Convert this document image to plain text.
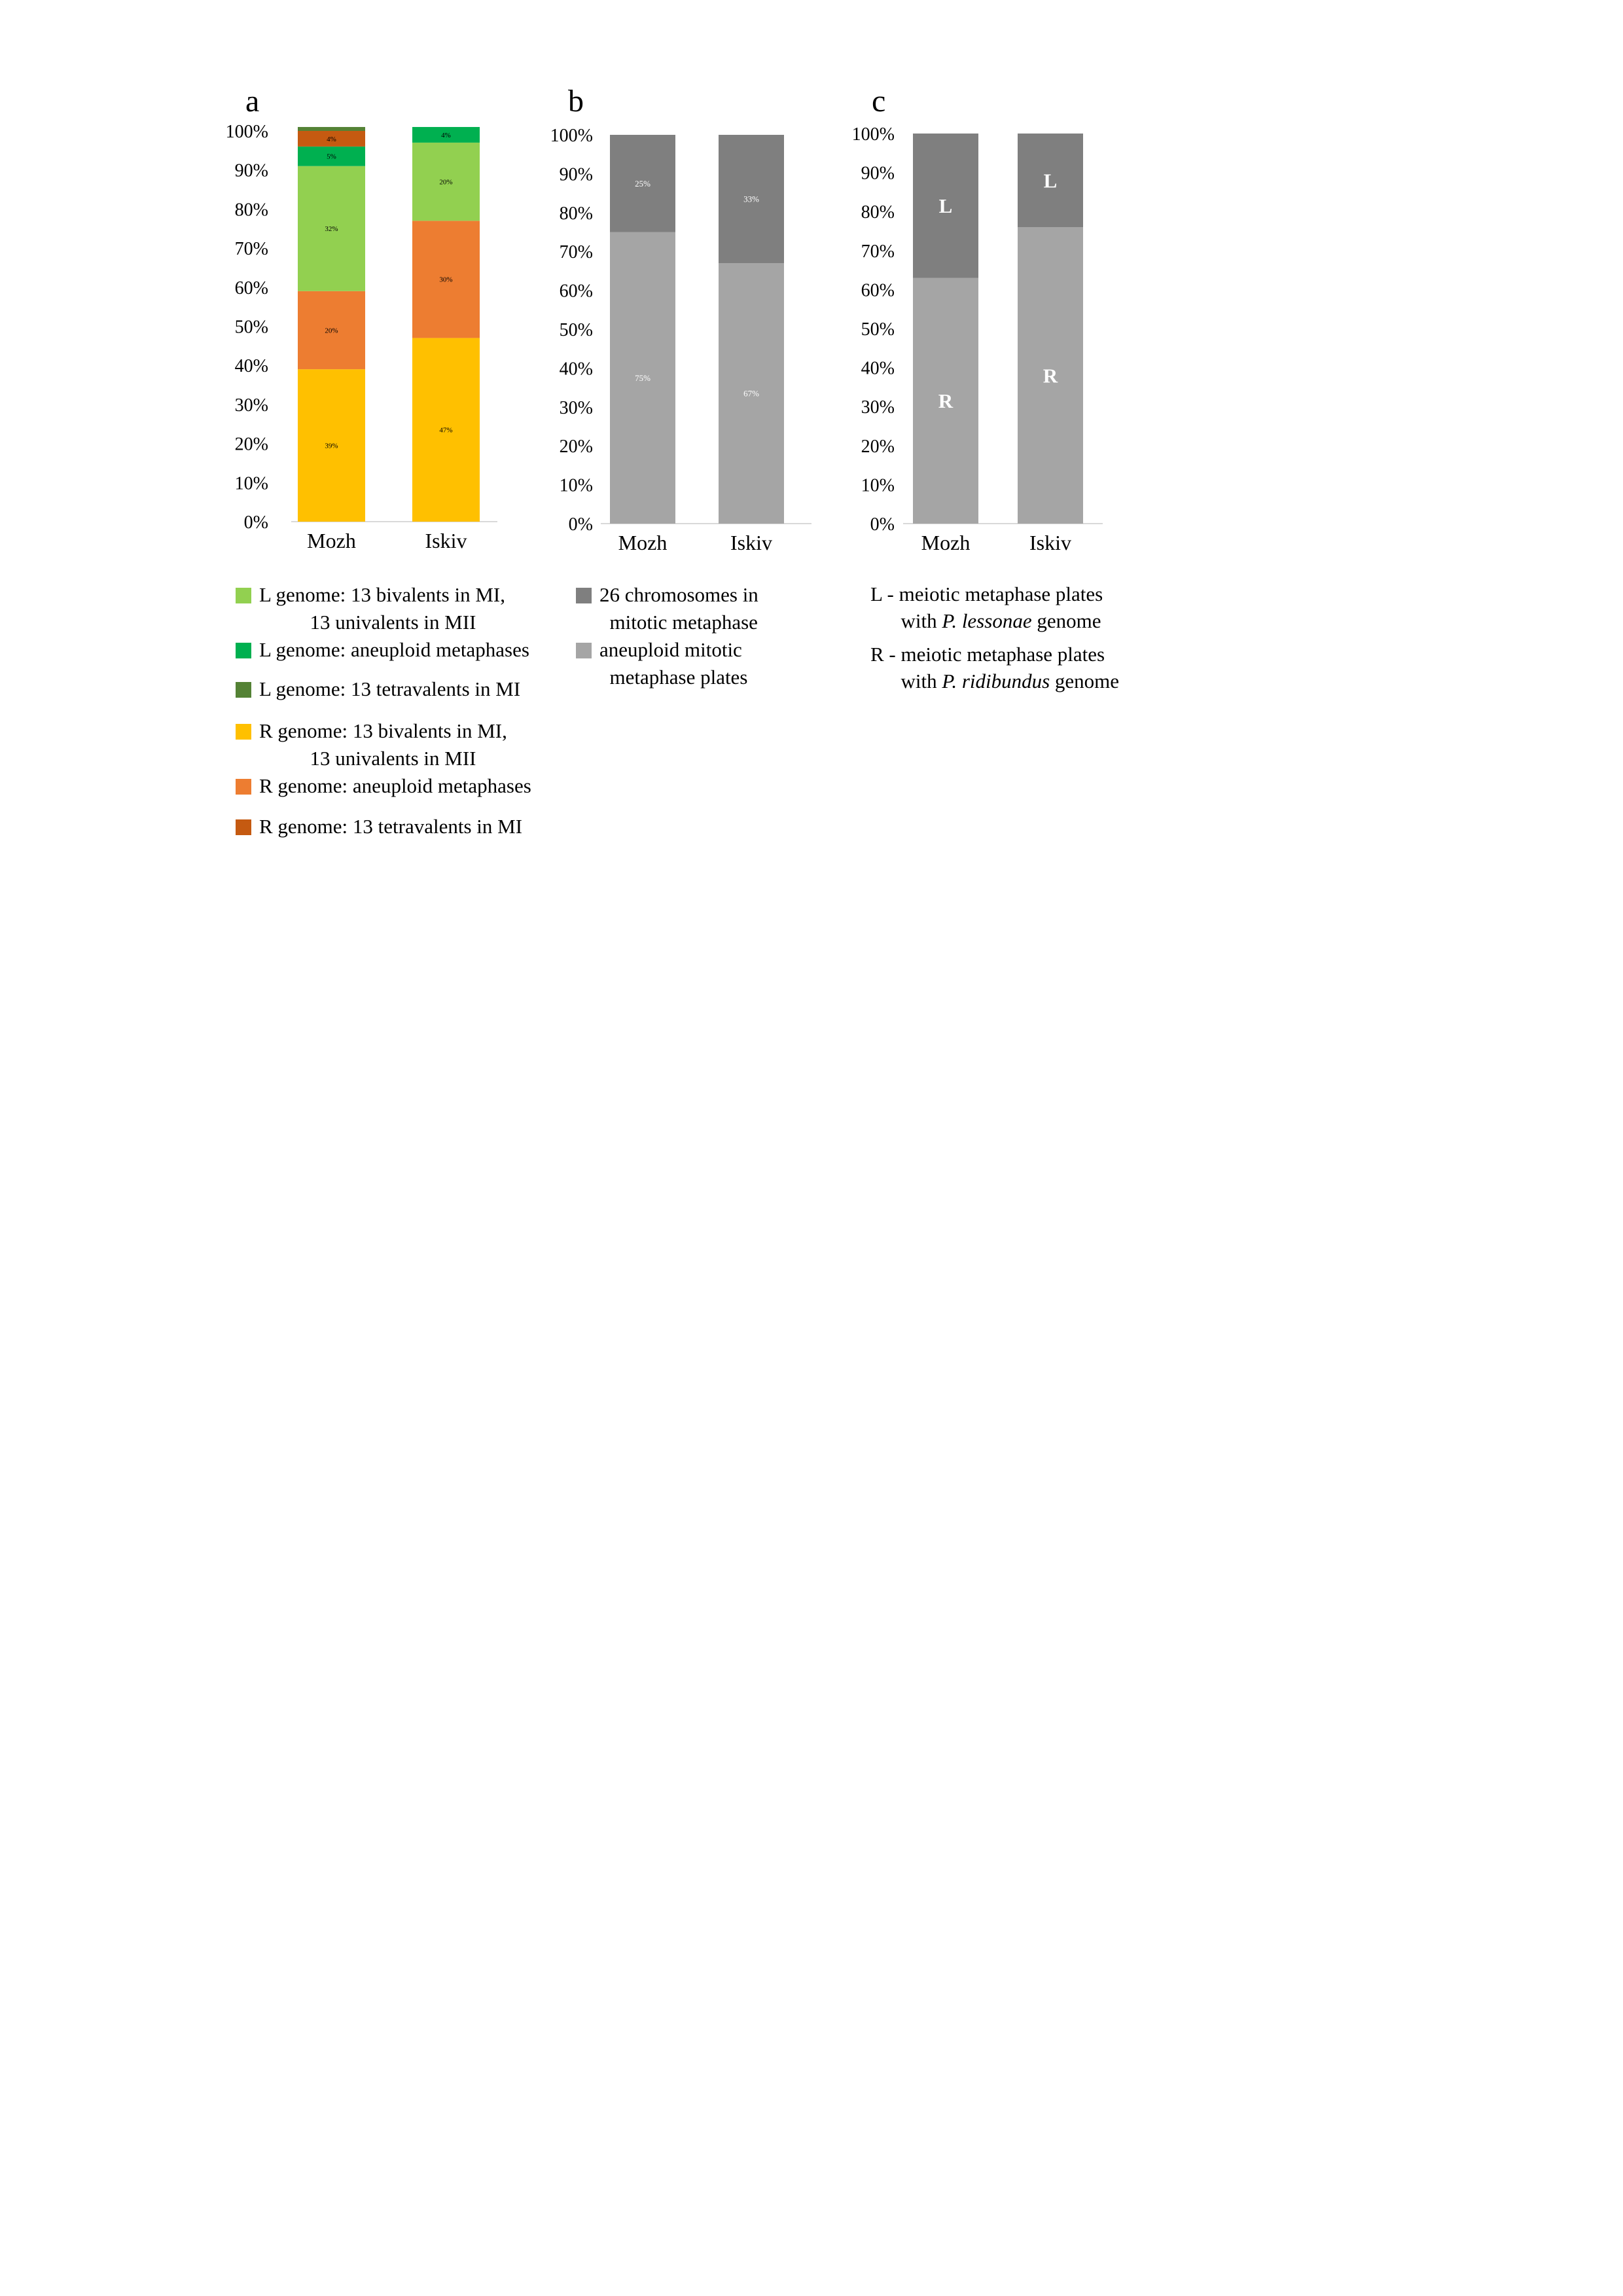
a
0%
10%
20%
30%
40%
50%
60%
70%
80%
90%
100%
39%
20%
32%
5%
4%
Mozh
47%
30%
20%
4%
Iskiv
b
0%
10%
20%
30%
40%
50%
60%
70%
80%
90%
100%
75%
25%
Mozh
67%
33%
Iskiv
c
0%
10%
20%
30%
40%
50%
60%
70%
80%
90%
100%
R
L
Mozh
R
L
Iskiv
L genome: 13 bivalents in MI,
13 univalents in MII
L genome: aneuploid metaphases
L genome: 13 tetravalents in MI
R genome: 13 bivalents in MI,
13 univalents in MII
R genome: aneuploid metaphases
R genome: 13 tetravalents in MI
26 chromosomes in
mitotic metaphase
aneuploid mitotic
metaphase plates

L - meiotic metaphase plates

with P. lessonae genome

R - meiotic metaphase plates

with P. ridibundus genome
